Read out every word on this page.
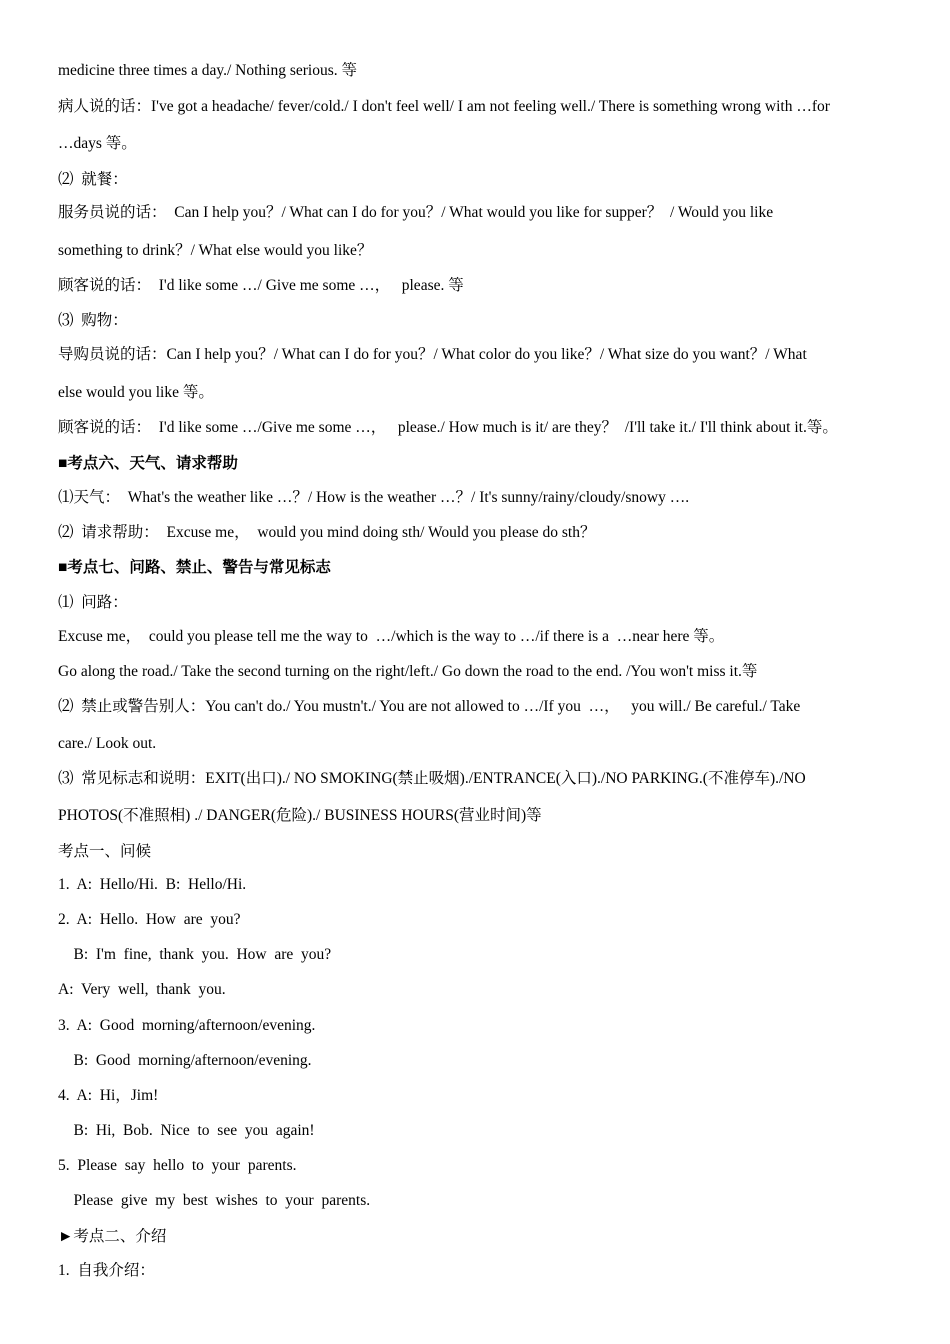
medicine three times a day./ Nothing serious. 等
病人说的话：I've got a headache/ fever/cold./ I don't feel well/ I am not feeling well./ There is something wrong with …for
…days 等。
⑵  就餐：
服务员说的话：  Can I help you？/ What can I do for you？/ What would you like for supper？  / Would you like
something to drink？/ What else would you like？
顾客说的话：  I'd like some …/ Give me some …，   please. 等
⑶  购物：
导购员说的话：Can I help you？/ What can I do for you？/ What color do you like？/ What size do you want？/ What
else would you like 等。
顾客说的话：  I'd like some …/Give me some …，   please./ How much is it/ are they？  /I'll take it./ I'll think about it.等。
■考点六、天气、请求帮助
⑴天气：  What's the weather like …？/ How is the weather …？/ It's sunny/rainy/cloudy/snowy ….
⑵  请求帮助：  Excuse me，  would you mind doing sth/ Would you please do sth？
■考点七、问路、禁止、警告与常见标志
⑴  问路：
Excuse me，  could you please tell me the way to  …/which is the way to …/if there is a  …near here 等。
Go along the road./ Take the second turning on the right/left./ Go down the road to the end. /You won't miss it.等
⑵  禁止或警告别人：You can't do./ You mustn't./ You are not allowed to …/If you  …，   you will./ Be careful./ Take
care./ Look out.
⑶  常见标志和说明：EXIT(出口)./ NO SMOKING(禁止吸烟)./ENTRANCE(入口)./NO PARKING.(不准停车)./NO
PHOTOS(不准照相) ./ DANGER(危险)./ BUSINESS HOURS(营业时间)等
考点一、问候
1.  A:  Hello/Hi.  B:  Hello/Hi.
2.  A:  Hello.  How  are  you?
B:  I'm  fine,  thank  you.  How  are  you?
A:  Very  well,  thank  you.
3.  A:  Good  morning/afternoon/evening.
B:  Good  morning/afternoon/evening.
4.  A:  Hi，Jim!
B:  Hi,  Bob.  Nice  to  see  you  again!
5.  Please  say  hello  to  your  parents.
Please  give  my  best  wishes  to  your  parents.
►考点二、介绍
1.  自我介绍：
